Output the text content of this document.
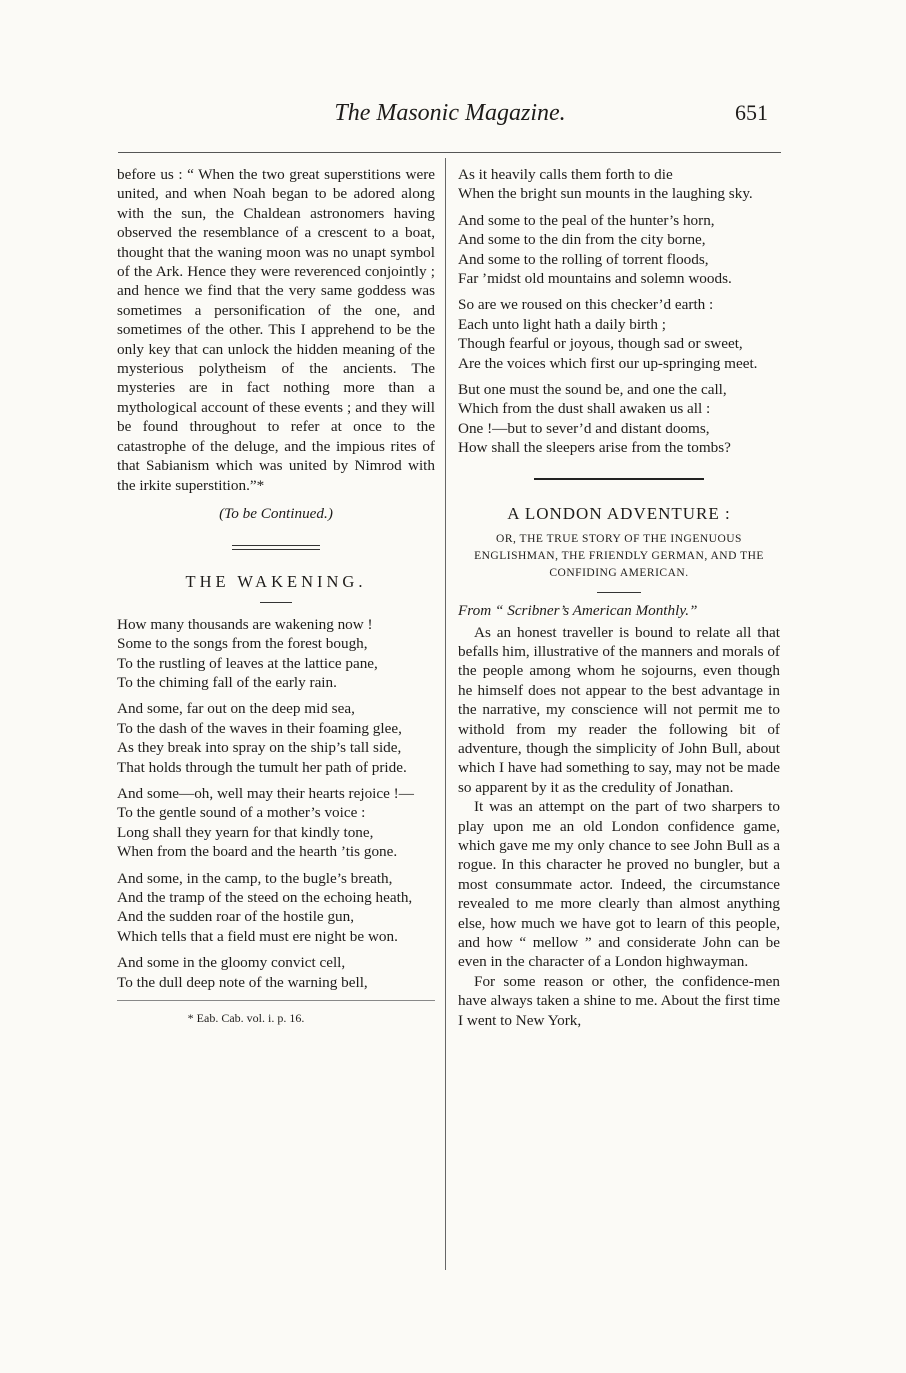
The Masonic Magazine.	651

before us : “ When the two great superstitions were united, and when Noah began to be adored along with the sun, the Chaldean astronomers having observed the resemblance of a crescent to a boat, thought that the waning moon was no unapt symbol of the Ark. Hence they were reverenced conjointly ; and hence we find that the very same goddess was sometimes a personification of the one, and sometimes of the other. This I apprehend to be the only key that can unlock the hidden meaning of the mysterious polytheism of the ancients. The mysteries are in fact nothing more than a mythological account of these events ; and they will be found throughout to refer at once to the catastrophe of the deluge, and the impious rites of that Sabianism which was united by Nimrod with the irkite superstition.”*

(To be Continued.)

THE WAKENING.

How many thousands are wakening now !

Some to the songs from the forest bough,

To the rustling of leaves at the lattice pane,

To the chiming fall of the early rain.

And some, far out on the deep mid sea,

To the dash of the waves in their foaming glee,

As they break into spray on the ship’s tall side,

That holds through the tumult her path of pride.

And some—oh, well may their hearts rejoice !—

To the gentle sound of a mother’s voice :

Long shall they yearn for that kindly tone,

When from the board and the hearth ’tis gone.

And some, in the camp, to the bugle’s breath,

And the tramp of the steed on the echoing heath,

And the sudden roar of the hostile gun,

Which tells that a field must ere night be won.

And some in the gloomy convict cell,

To the dull deep note of the warning bell,

* Eab. Cab. vol. i. p. 16.

As it heavily calls them forth to die

When the bright sun mounts in the laughing sky.

And some to the peal of the hunter’s horn,

And some to the din from the city borne,

And some to the rolling of torrent floods,

Far ’midst old mountains and solemn woods.

So are we roused on this checker’d earth :

Each unto light hath a daily birth ;

Though fearful or joyous, though sad or sweet,

Are the voices which first our up-springing meet.

But one must the sound be, and one the call,

Which from the dust shall awaken us all :

One !—but to sever’d and distant dooms,

How shall the sleepers arise from the tombs?

A LONDON ADVENTURE :

OR, THE TRUE STORY OF THE INGENUOUS ENGLISHMAN, THE FRIENDLY GERMAN, AND THE CONFIDING AMERICAN.

From “ Scribner’s American Monthly.”

As an honest traveller is bound to relate all that befalls him, illustrative of the manners and morals of the people among whom he sojourns, even though he himself does not appear to the best advantage in the narrative, my conscience will not permit me to withold from my reader the following bit of adventure, though the simplicity of John Bull, about which I have had something to say, may not be made so apparent by it as the credulity of Jonathan.

It was an attempt on the part of two sharpers to play upon me an old London confidence game, which gave me my only chance to see John Bull as a rogue. In this character he proved no bungler, but a most consummate actor. Indeed, the circumstance revealed to me more clearly than almost anything else, how much we have got to learn of this people, and how “ mellow ” and considerate John can be even in the character of a London highwayman.

For some reason or other, the confidence-men have always taken a shine to me. About the first time I went to New York,
